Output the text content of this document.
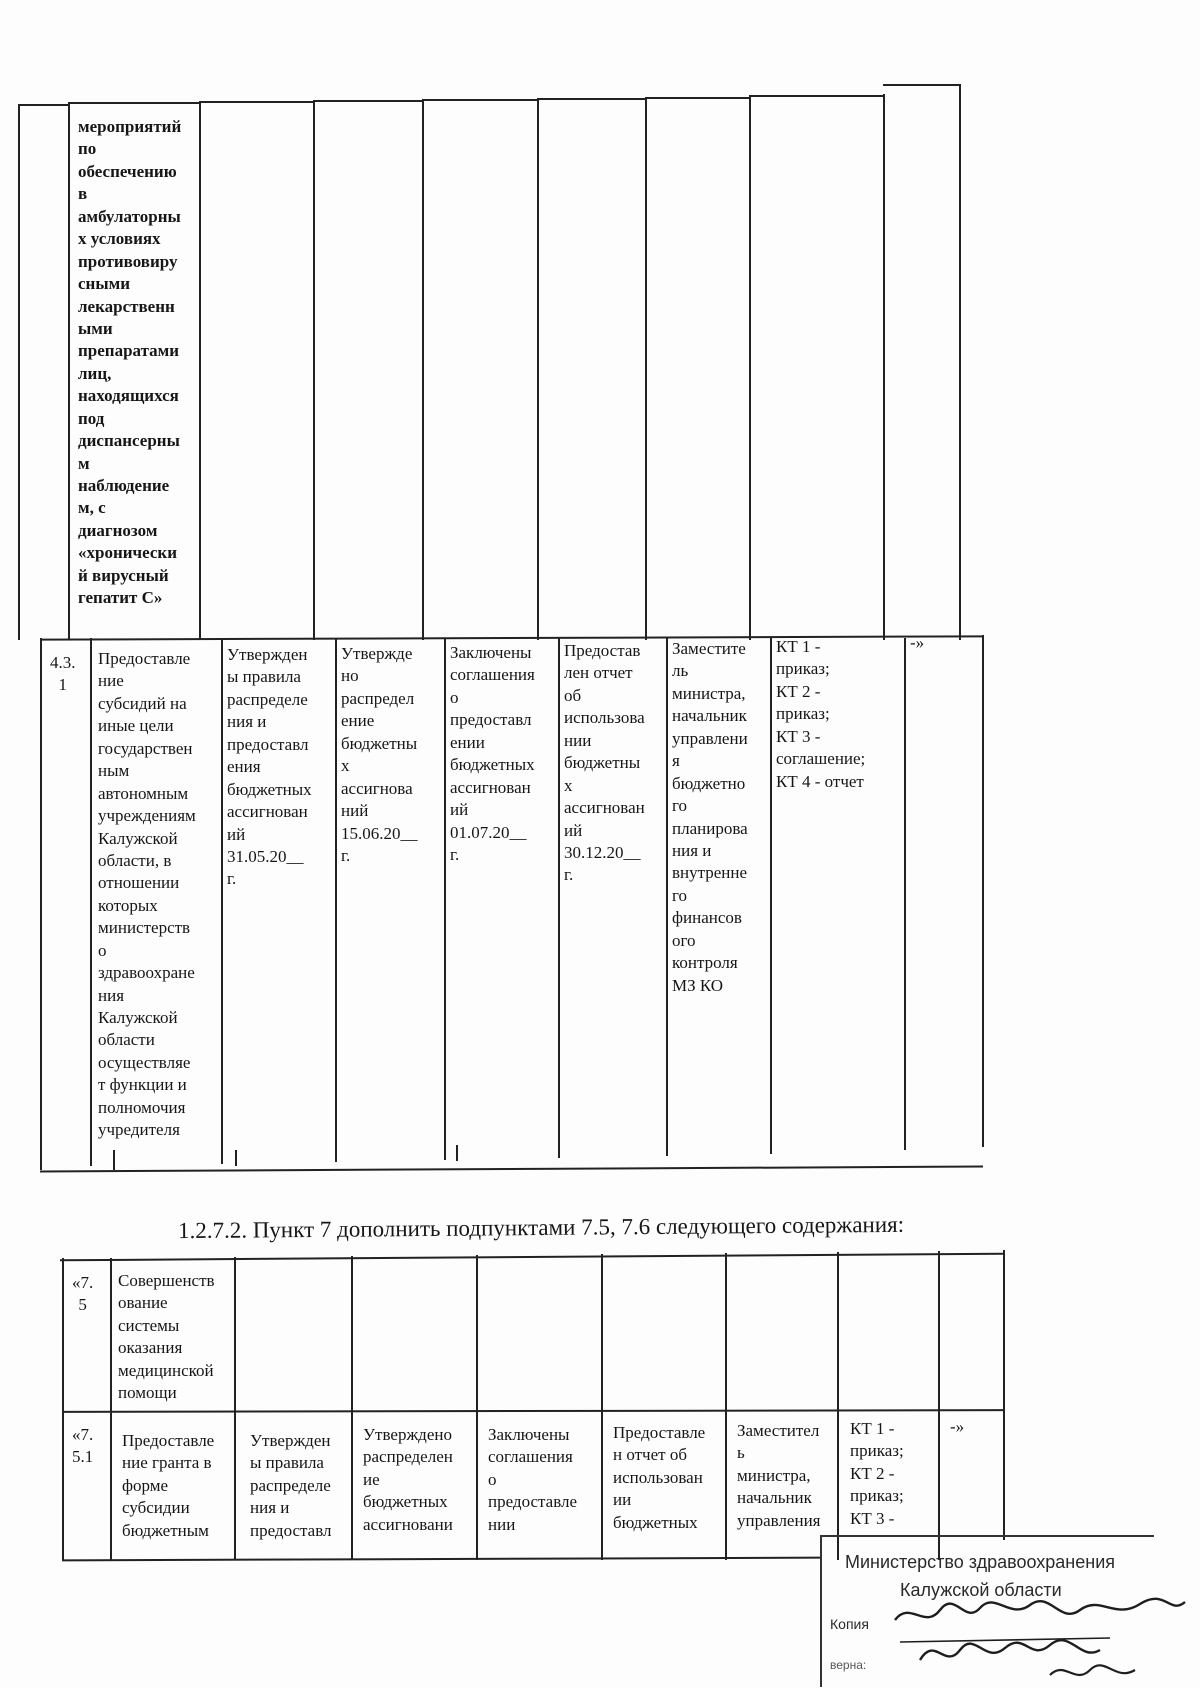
мероприятий
по
обеспечению
в
амбулаторны
х условиях
противовиру
сными
лекарственн
ыми
препаратами
лиц,
находящихся
под
диспансерны
м
наблюдение
м, с
диагнозом
«хронически
й вирусный
гепатит С»
4.3.
1
Предоставле
ние
субсидий на
иные цели
государствен
ным
автономным
учреждениям
Калужской
области, в
отношении
которых
министерств
о
здравоохране
ния
Калужской
области
осуществляе
т функции и
полномочия
учредителя
Утвержден
ы правила
распределе
ния и
предоставл
ения
бюджетных
ассигнован
ий
31.05.20__
г.
Утвержде
но
распредел
ение
бюджетны
х
ассигнова
ний
15.06.20__
г.
Заключены
соглашения
о
предоставл
ении
бюджетных
ассигнован
ий
01.07.20__
г.
Предостав
лен отчет
об
использова
нии
бюджетны
х
ассигнован
ий
30.12.20__
г.
Заместите
ль
министра,
начальник
управлени
я
бюджетно
го
планирова
ния и
внутренне
го
финансов
ого
контроля
МЗ КО
КТ 1 -
приказ;
КТ 2 -
приказ;
КТ 3 -
соглашение;
КТ 4 - отчет
-»
1.2.7.2. Пункт 7 дополнить подпунктами 7.5, 7.6 следующего содержания:
«7.
5
Совершенств
ование
системы
оказания
медицинской
помощи
«7.
5.1
Предоставле
ние гранта в
форме
субсидии
бюджетным
Утвержден
ы правила
распределе
ния и
предоставл
Утверждено
распределен
ие
бюджетных
ассигновани
Заключены
соглашения
о
предоставле
нии
Предоставле
н отчет об
использован
ии
бюджетных
Заместител
ь
министра,
начальник
управления
КТ 1 -
приказ;
КТ 2 -
приказ;
КТ 3 -
-»
Министерство здравоохранения
Калужской области
Копия
верна:
